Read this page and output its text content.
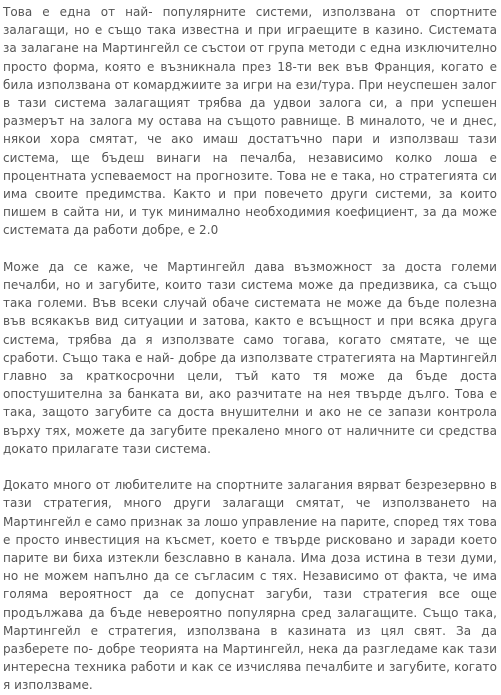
Това е една от най- популярните системи, използвана от спортните залагащи, но е също така известна и при играещите в казино. Системата за залагане на Мартингейл се състои от група методи с една изключително просто форма, която е възникнала през 18-ти век във Франция, когато е била използвана от комарджиите за игри на ези/тура. При неуспешен залог в тази система залагащият трябва да удвои залога си, а при успешен размерът на залога му остава на същото равнище. В миналото, че и днес, някои хора смятат, че ако имаш достатъчно пари и използваш тази система, ще бъдеш винаги на печалба, независимо колко лоша е процентната успеваемост на прогнозите. Това не е така, но стратегията си има своите предимства. Както и при повечето други системи, за които пишем в сайта ни, и тук минимално необходимия коефициент, за да може системата да работи добре, е 2.0

Може да се каже, че Мартингейл дава възможност за доста големи печалби, но и загубите, които тази система може да предизвика, са също така големи. Във всеки случай обаче системата не може да бъде полезна във всякакъв вид ситуации и затова, както е всъщност и при всяка друга система, трябва да я използвате само тогава, когато смятате, че ще сработи. Също така е най- добре да използвате стратегията на Мартингейл главно за краткосрочни цели, тъй като тя може да бъде доста опостушителна за банката ви, ако разчитате на нея твърде дълго. Това е така, защото загубите са доста внушителни и ако не се запази контрола върху тях, можете да загубите прекалено много от наличните си средства докато прилагате тази система.

Докато много от любителите на спортните залагания вярват безрезервно в тази стратегия, много други залагащи смятат, че използването на Мартингейл е само признак за лошо управление на парите, според тях това е просто инвестиция на късмет, което е твърде рисковано и заради което парите ви биха изтекли безславно в канала. Има доза истина в тези думи, но не можем напълно да се съгласим с тях. Независимо от факта, че има голяма вероятност да се допуснат загуби, тази стратегия все още продължава да бъде невероятно популярна сред залагащите. Също така, Мартингейл е стратегия, използвана в казината из цял свят. За да разберете по- добре теорията на Мартингейл, нека да разгледаме как тази интересна техника работи и как се изчислява печалбите и загубите, когато я използваме.
